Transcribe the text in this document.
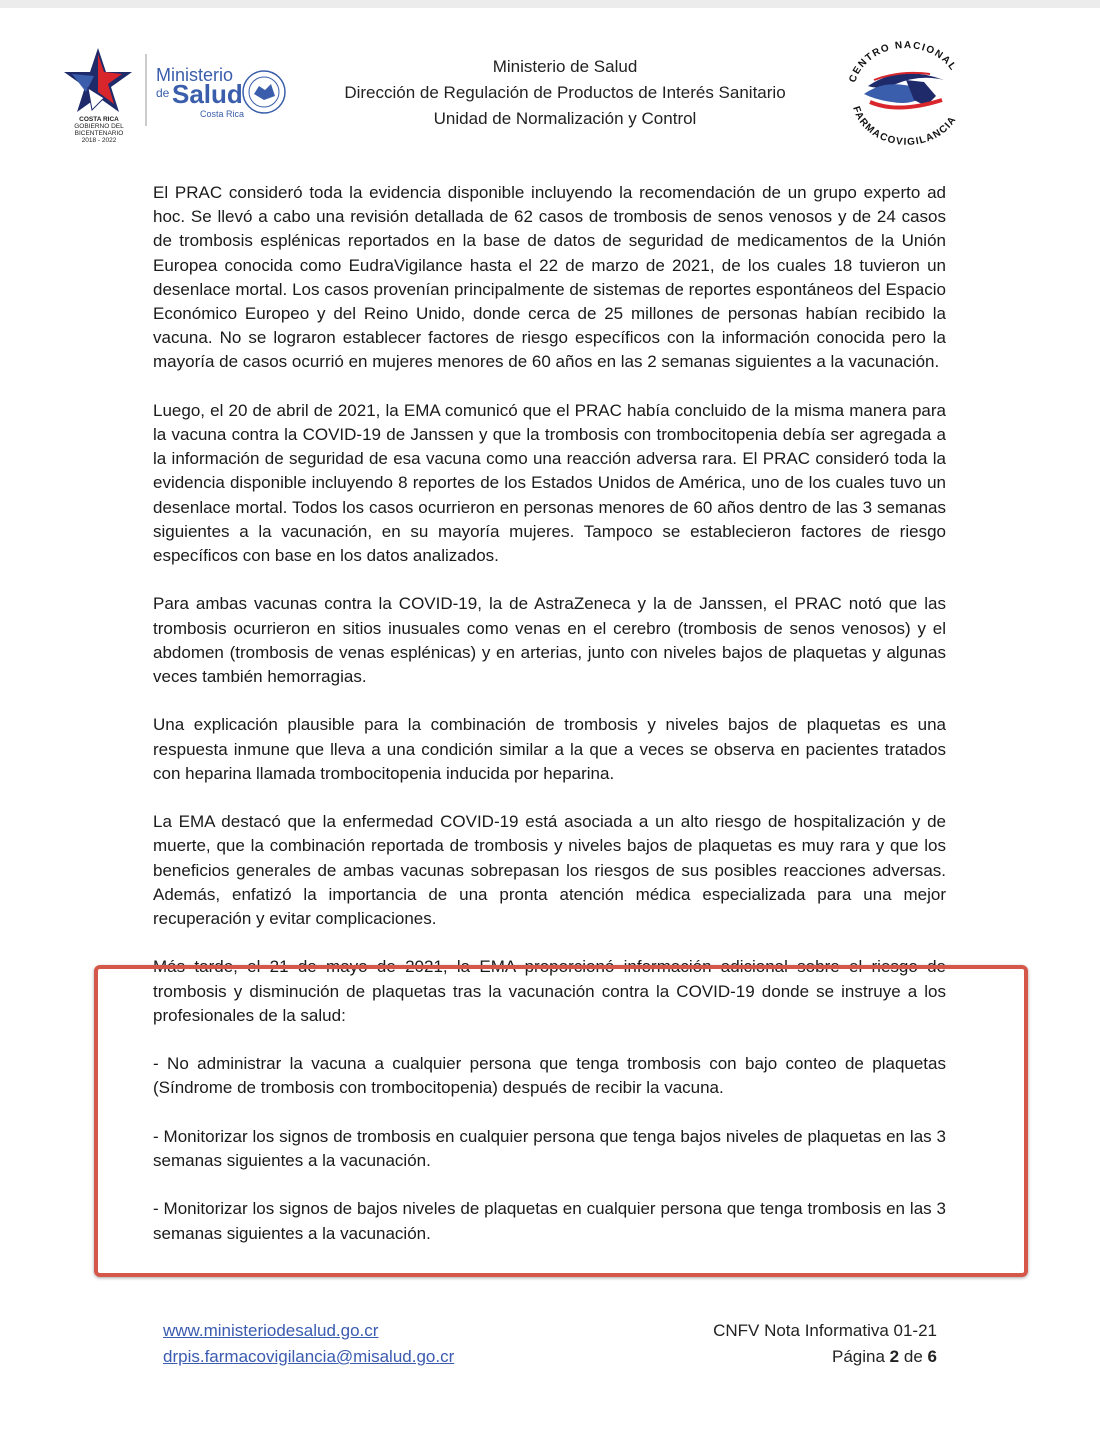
Ministerio
de Salud
Costa Rica
COSTA RICA
GOBIERNO DEL BICENTENARIO
2018 - 2022
Ministerio de Salud
Dirección de Regulación de Productos de Interés Sanitario
Unidad de Normalización y Control
CENTRO NACIONAL
FARMACOVIGILANCIA

El PRAC consideró toda la evidencia disponible incluyendo la recomendación de un grupo experto ad hoc. Se llevó a cabo una revisión detallada de 62 casos de trombosis de senos venosos y de 24 casos de trombosis esplénicas reportados en la base de datos de seguridad de medicamentos de la Unión Europea conocida como EudraVigilance hasta el 22 de marzo de 2021, de los cuales 18 tuvieron un desenlace mortal. Los casos provenían principalmente de sistemas de reportes espontáneos del Espacio Económico Europeo y del Reino Unido, donde cerca de 25 millones de personas habían recibido la vacuna. No se lograron establecer factores de riesgo específicos con la información conocida pero la mayoría de casos ocurrió en mujeres menores de 60 años en las 2 semanas siguientes a la vacunación.

Luego, el 20 de abril de 2021, la EMA comunicó que el PRAC había concluido de la misma manera para la vacuna contra la COVID-19 de Janssen y que la trombosis con trombocitopenia debía ser agregada a la información de seguridad de esa vacuna como una reacción adversa rara. El PRAC consideró toda la evidencia disponible incluyendo 8 reportes de los Estados Unidos de América, uno de los cuales tuvo un desenlace mortal. Todos los casos ocurrieron en personas menores de 60 años dentro de las 3 semanas siguientes a la vacunación, en su mayoría mujeres. Tampoco se establecieron factores de riesgo específicos con base en los datos analizados.

Para ambas vacunas contra la COVID-19, la de AstraZeneca y la de Janssen, el PRAC notó que las trombosis ocurrieron en sitios inusuales como venas en el cerebro (trombosis de senos venosos) y el abdomen (trombosis de venas esplénicas) y en arterias, junto con niveles bajos de plaquetas y algunas veces también hemorragias.

Una explicación plausible para la combinación de trombosis y niveles bajos de plaquetas es una respuesta inmune que lleva a una condición similar a la que a veces se observa en pacientes tratados con heparina llamada trombocitopenia inducida por heparina.

La EMA destacó que la enfermedad COVID-19 está asociada a un alto riesgo de hospitalización y de muerte, que la combinación reportada de trombosis y niveles bajos de plaquetas es muy rara y que los beneficios generales de ambas vacunas sobrepasan los riesgos de sus posibles reacciones adversas. Además, enfatizó la importancia de una pronta atención médica especializada para una mejor recuperación y evitar complicaciones.

Más tarde, el 21 de mayo de 2021, la EMA proporcionó información adicional sobre el riesgo de trombosis y disminución de plaquetas tras la vacunación contra la COVID-19 donde se instruye a los profesionales de la salud:

- No administrar la vacuna a cualquier persona que tenga trombosis con bajo conteo de plaquetas (Síndrome de trombosis con trombocitopenia) después de recibir la vacuna.

- Monitorizar los signos de trombosis en cualquier persona que tenga bajos niveles de plaquetas en las 3 semanas siguientes a la vacunación.

- Monitorizar los signos de bajos niveles de plaquetas en cualquier persona que tenga trombosis en las 3 semanas siguientes a la vacunación.

www.ministeriodesalud.go.cr
drpis.farmacovigilancia@misalud.go.cr
CNFV Nota Informativa 01-21
Página 2 de 6
